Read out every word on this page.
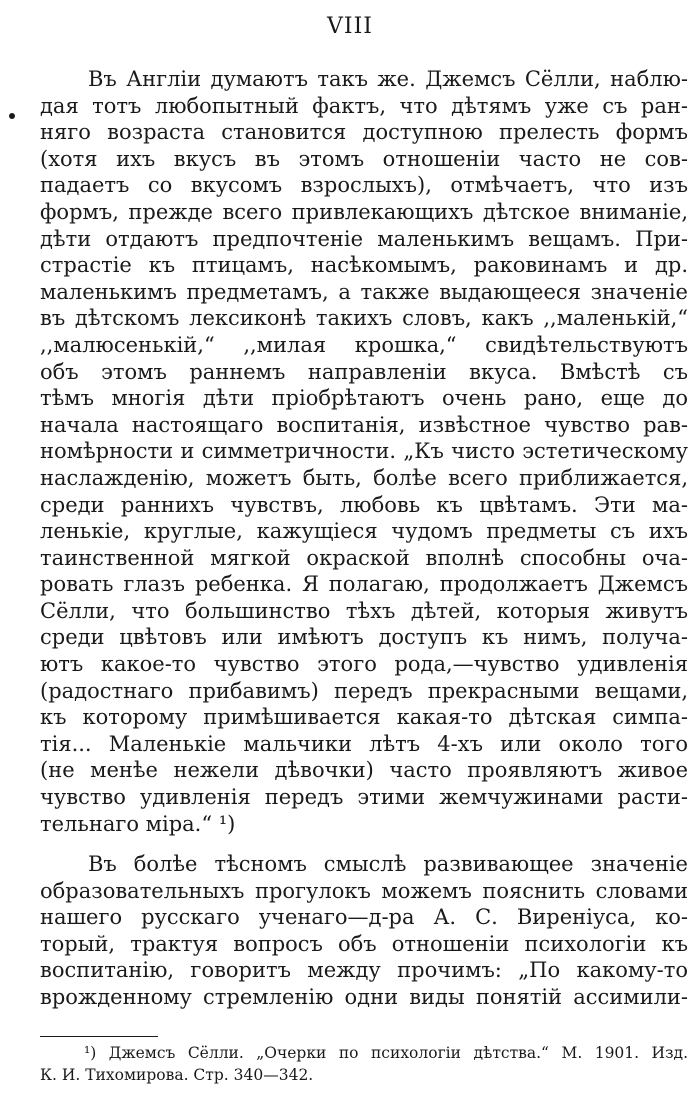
VIII

Въ Англіи думаютъ такъ же. Джемсъ Сёлли, наблю-
дая тотъ любопытный фактъ, что дѣтямъ уже съ ран-
няго возраста становится доступною прелесть формъ
(хотя ихъ вкусъ въ этомъ отношеніи часто не сов-
падаетъ со вкусомъ взрослыхъ), отмѣчаетъ, что изъ
формъ, прежде всего привлекающихъ дѣтское вниманіе,
дѣти отдаютъ предпочтеніе маленькимъ вещамъ. При-
страстіе къ птицамъ, насѣкомымъ, раковинамъ и др.
маленькимъ предметамъ, а также выдающееся значеніе
въ дѣтскомъ лексиконѣ такихъ словъ, какъ ,,маленькій,“
,,малюсенькій,“ ,,милая крошка,“ свидѣтельствуютъ
объ этомъ раннемъ направленіи вкуса. Вмѣстѣ съ
тѣмъ многія дѣти пріобрѣтаютъ очень рано, еще до
начала настоящаго воспитанія, извѣстное чувство рав-
номѣрности и симметричности. „Къ чисто эстетическому
наслажденію, можетъ быть, болѣе всего приближается,
среди раннихъ чувствъ, любовь къ цвѣтамъ. Эти ма-
ленькіе, круглые, кажущіеся чудомъ предметы съ ихъ
таинственной мягкой окраской вполнѣ способны оча-
ровать глазъ ребенка. Я полагаю, продолжаетъ Джемсъ
Сёлли, что большинство тѣхъ дѣтей, которыя живутъ
среди цвѣтовъ или имѣютъ доступъ къ нимъ, получа-
ютъ какое-то чувство этого рода,—чувство удивленія
(радостнаго прибавимъ) передъ прекрасными вещами,
къ которому примѣшивается какая-то дѣтская симпа-
тія... Маленькіе мальчики лѣтъ 4-хъ или около того
(не менѣе нежели дѣвочки) часто проявляютъ живое
чувство удивленія передъ этими жемчужинами расти-
тельнаго міра.“ ¹)
Въ болѣе тѣсномъ смыслѣ развивающее значеніе
образовательныхъ прогулокъ можемъ пояснить словами
нашего русскаго ученаго—д-ра А. С. Виреніуса, ко-
торый, трактуя вопросъ объ отношеніи психологіи къ
воспитанію, говоритъ между прочимъ: „По какому-то
врожденному стремленію одни виды понятій ассимили-
¹) Джемсъ Сёлли. „Очерки по психологіи дѣтства.“ М. 1901. Изд.
К. И. Тихомирова. Стр. 340—342.
